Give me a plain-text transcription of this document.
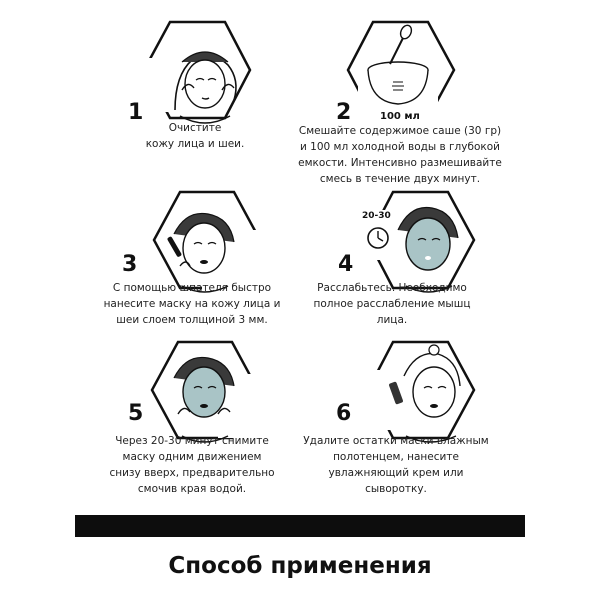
1
Очистите
кожу лица и шеи.
100 мл
2
Смешайте содержимое саше (30 гр)
и 100 мл холодной воды в глубокой
емкости. Интенсивно размешивайте
смесь в течение двух минут.
3
С помощью шпателя быстро
нанесите маску на кожу лица и
шеи слоем толщиной 3 мм.
20-30
4
Расслабьтесь. Необходимо
полное расслабление мышц
лица.
5
Через 20-30 минут снимите
маску одним движением
снизу вверх, предварительно
смочив края водой.
6
Удалите остатки маски влажным
полотенцем, нанесите
увлажняющий крем или
сыворотку.
Способ применения
